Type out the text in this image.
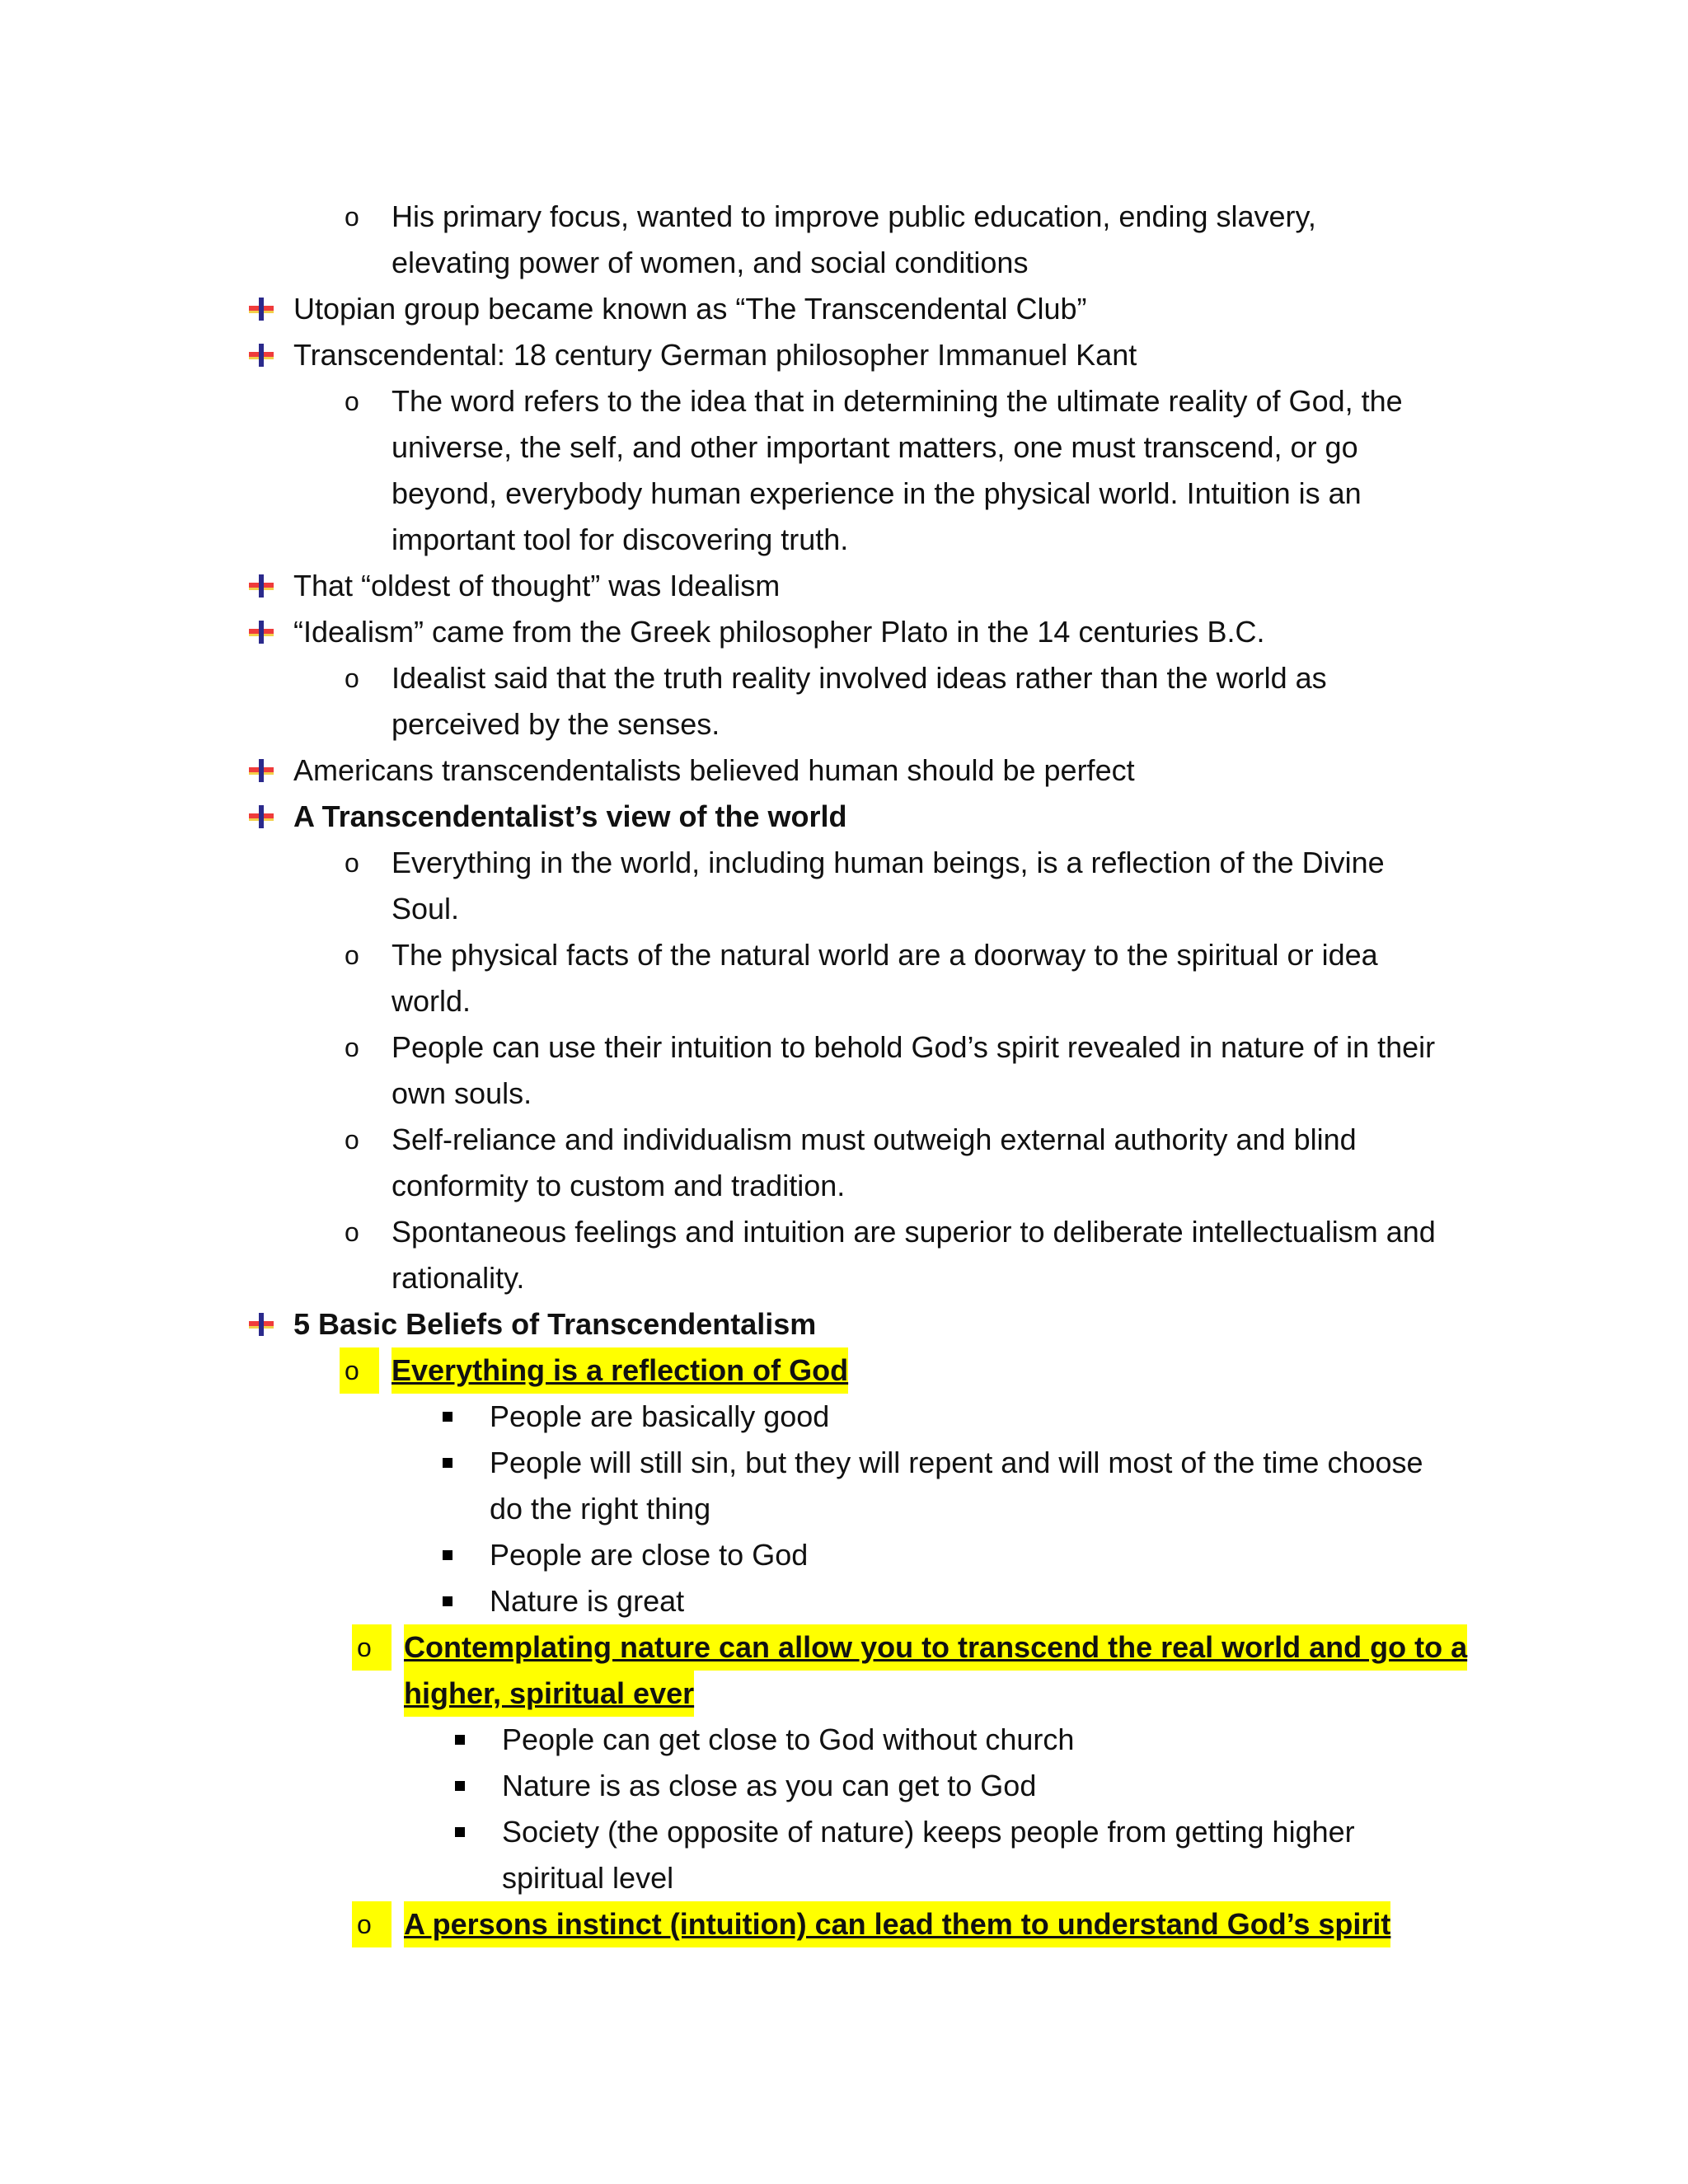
o His primary focus, wanted to improve public education, ending slavery,
elevating power of women, and social conditions
Utopian group became known as “The Transcendental Club”
Transcendental: 18 century German philosopher Immanuel Kant
o The word refers to the idea that in determining the ultimate reality of God, the
universe, the self, and other important matters, one must transcend, or go
beyond, everybody human experience in the physical world. Intuition is an
important tool for discovering truth.
That “oldest of thought” was Idealism
“Idealism” came from the Greek philosopher Plato in the 14 centuries B.C.
o Idealist said that the truth reality involved ideas rather than the world as
perceived by the senses.
Americans transcendentalists believed human should be perfect
A Transcendentalist’s view of the world
o Everything in the world, including human beings, is a reflection of the Divine
Soul.
o The physical facts of the natural world are a doorway to the spiritual or idea
world.
o People can use their intuition to behold God’s spirit revealed in nature of in their
own souls.
o Self-reliance and individualism must outweigh external authority and blind
conformity to custom and tradition.
o Spontaneous feelings and intuition are superior to deliberate intellectualism and
rationality.
5 Basic Beliefs of Transcendentalism
o	Everything is a reflection of God
People are basically good
People will still sin, but they will repent and will most of the time choose
do the right thing
People are close to God
Nature is great
o	Contemplating nature can allow you to transcend the real world and go to a
higher, spiritual ever
People can get close to God without church
Nature is as close as you can get to God
Society (the opposite of nature) keeps people from getting higher
spiritual level
o	A persons instinct (intuition) can lead them to understand God’s spirit
